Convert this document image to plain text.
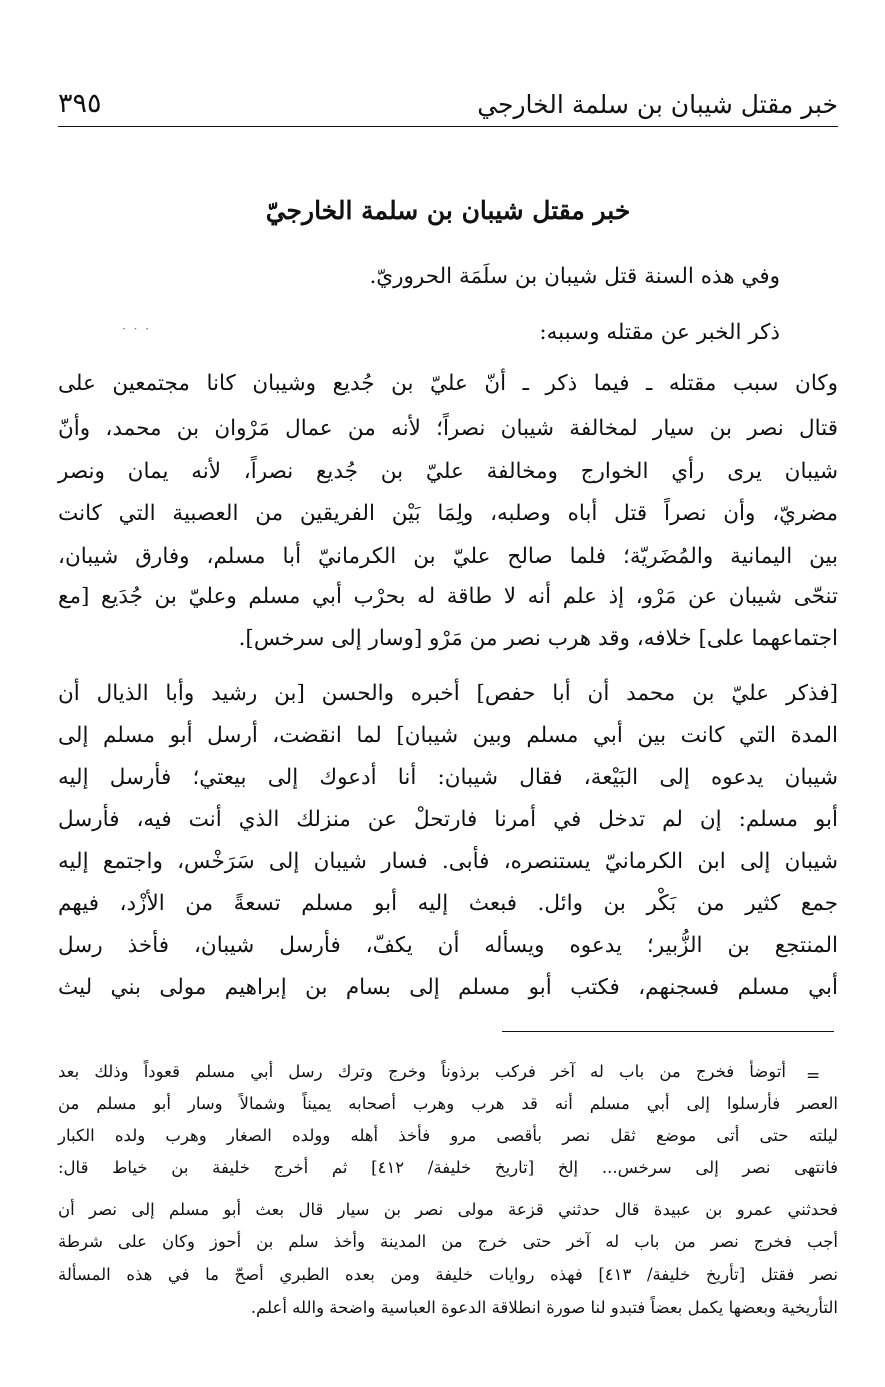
خبر مقتل شيبان بن سلمة الخارجي
٣٩٥
خبر مقتل شيبان بن سلمة الخارجيّ
· · ·
وفي هذه السنة قتل شيبان بن سلَمَة الحروريّ.
ذكر الخبر عن مقتله وسببه:
وكان سبب مقتله ـ فيما ذكر ـ أنّ عليّ بن جُديع وشيبان كانا مجتمعين على
قتال نصر بن سيار لمخالفة شيبان نصراً؛ لأنه من عمال مَرْوان بن محمد، وأنّ
شيبان يرى رأي الخوارج ومخالفة عليّ بن جُديع نصراً، لأنه يمان ونصر
مضريّ، وأن نصراً قتل أباه وصلبه، ولِمَا بَيْن الفريقين من العصبية التي كانت
بين اليمانية والمُضَريّة؛ فلما صالح عليّ بن الكرمانيّ أبا مسلم، وفارق شيبان،
تنحّى شيبان عن مَرْو، إذ علم أنه لا طاقة له بحرْب أبي مسلم وعليّ بن جُدَيع [مع
اجتماعهما على] خلافه، وقد هرب نصر من مَرْو [وسار إلى سرخس].
[فذكر عليّ بن محمد أن أبا حفص] أخبره والحسن [بن رشيد وأبا الذيال أن
المدة التي كانت بين أبي مسلم وبين شيبان] لما انقضت، أرسل أبو مسلم إلى
شيبان يدعوه إلى البَيْعة، فقال شيبان: أنا أدعوك إلى بيعتي؛ فأرسل إليه
أبو مسلم: إن لم تدخل في أمرنا فارتحلْ عن منزلك الذي أنت فيه، فأرسل
شيبان إلى ابن الكرمانيّ يستنصره، فأبى. فسار شيبان إلى سَرَخْس، واجتمع إليه
جمع كثير من بَكْر بن وائل. فبعث إليه أبو مسلم تسعةً من الأزْد، فيهم
المنتجع بن الزُّبير؛ يدعوه ويسأله أن يكفّ، فأرسل شيبان، فأخذ رسل
أبي مسلم فسجنهم، فكتب أبو مسلم إلى بسام بن إبراهيم مولى بني ليث
=
أتوضأ فخرج من باب له آخر فركب برذوناً وخرج وترك رسل أبي مسلم قعوداً وذلك بعد
العصر فأرسلوا إلى أبي مسلم أنه قد هرب وهرب أصحابه يميناً وشمالاً وسار أبو مسلم من
ليلته حتى أتى موضع ثقل نصر بأقصى مرو فأخذ أهله وولده الصغار وهرب ولده الكبار
فانتهى نصر إلى سرخس... إلخ [تاريخ خليفة/ ٤١٢] ثم أخرج خليفة بن خياط قال:
فحدثني عمرو بن عبيدة قال حدثني قزعة مولى نصر بن سيار قال بعث أبو مسلم إلى نصر أن
أجب فخرج نصر من باب له آخر حتى خرج من المدينة وأخذ سلم بن أحوز وكان على شرطة
نصر فقتل [تأريخ خليفة/ ٤١٣] فهذه روايات خليفة ومن بعده الطبري أصحّ ما في هذه المسألة
التأريخية وبعضها يكمل بعضاً فتبدو لنا صورة انطلاقة الدعوة العباسية واضحة والله أعلم.
